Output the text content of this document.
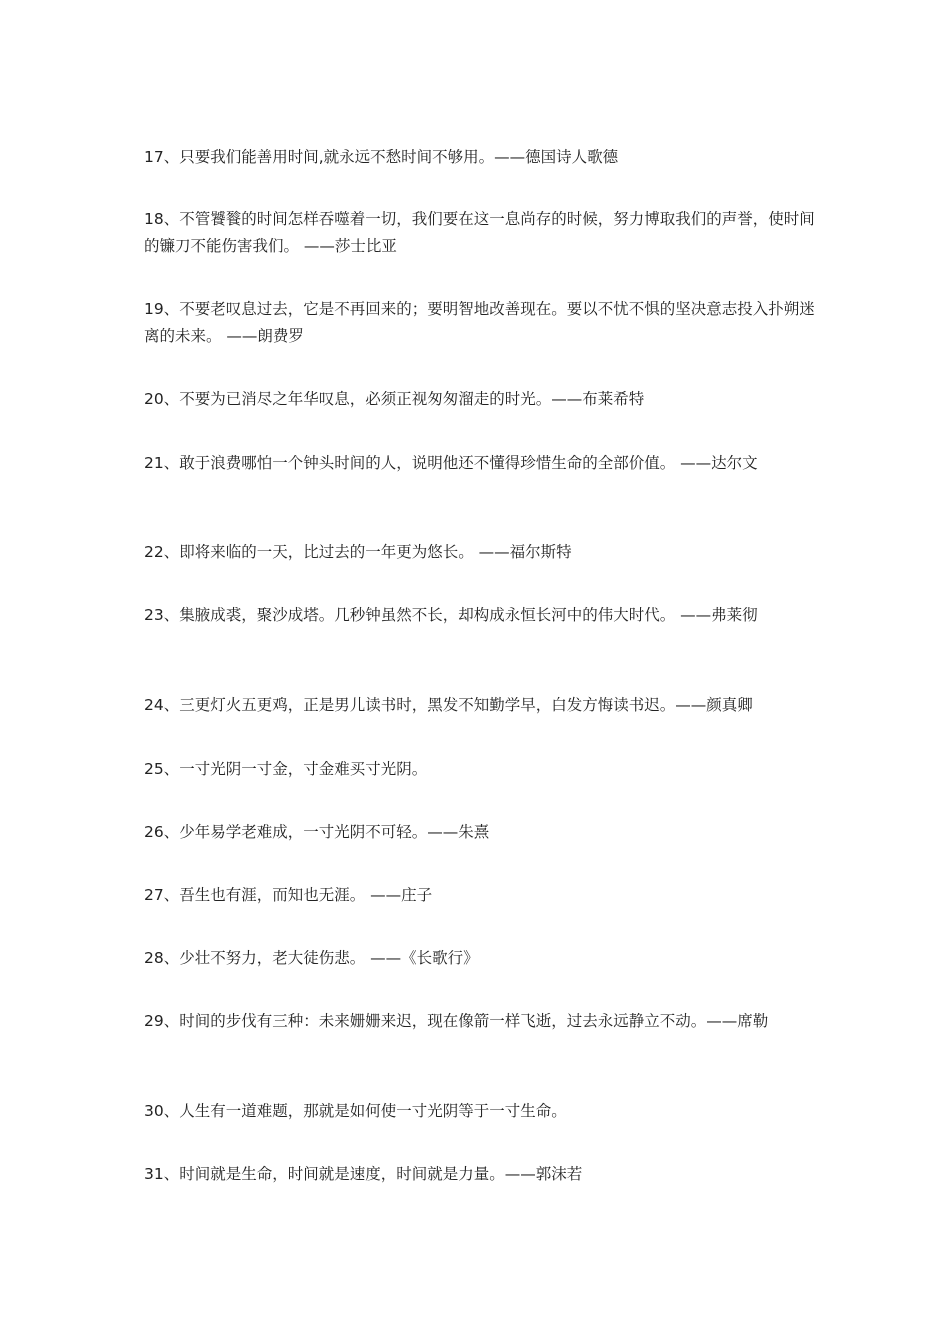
17、只要我们能善用时间,就永远不愁时间不够用。——德国诗人歌德

18、不管饕餮的时间怎样吞噬着一切，我们要在这一息尚存的时候，努力博取我们的声誉，使时间的镰刀不能伤害我们。 ——莎士比亚

19、不要老叹息过去，它是不再回来的；要明智地改善现在。要以不忧不惧的坚决意志投入扑朔迷离的未来。 ——朗费罗

20、不要为已消尽之年华叹息，必须正视匆匆溜走的时光。——布莱希特

21、敢于浪费哪怕一个钟头时间的人，说明他还不懂得珍惜生命的全部价值。 ——达尔文

22、即将来临的一天，比过去的一年更为悠长。 ——福尔斯特

23、集腋成裘，聚沙成塔。几秒钟虽然不长，却构成永恒长河中的伟大时代。 ——弗莱彻

24、三更灯火五更鸡，正是男儿读书时，黑发不知勤学早，白发方悔读书迟。——颜真卿

25、一寸光阴一寸金，寸金难买寸光阴。

26、少年易学老难成，一寸光阴不可轻。——朱熹

27、吾生也有涯，而知也无涯。 ——庄子

28、少壮不努力，老大徒伤悲。 ——《长歌行》

29、时间的步伐有三种：未来姗姗来迟，现在像箭一样飞逝，过去永远静立不动。——席勒

30、人生有一道难题，那就是如何使一寸光阴等于一寸生命。

31、时间就是生命，时间就是速度，时间就是力量。——郭沫若
